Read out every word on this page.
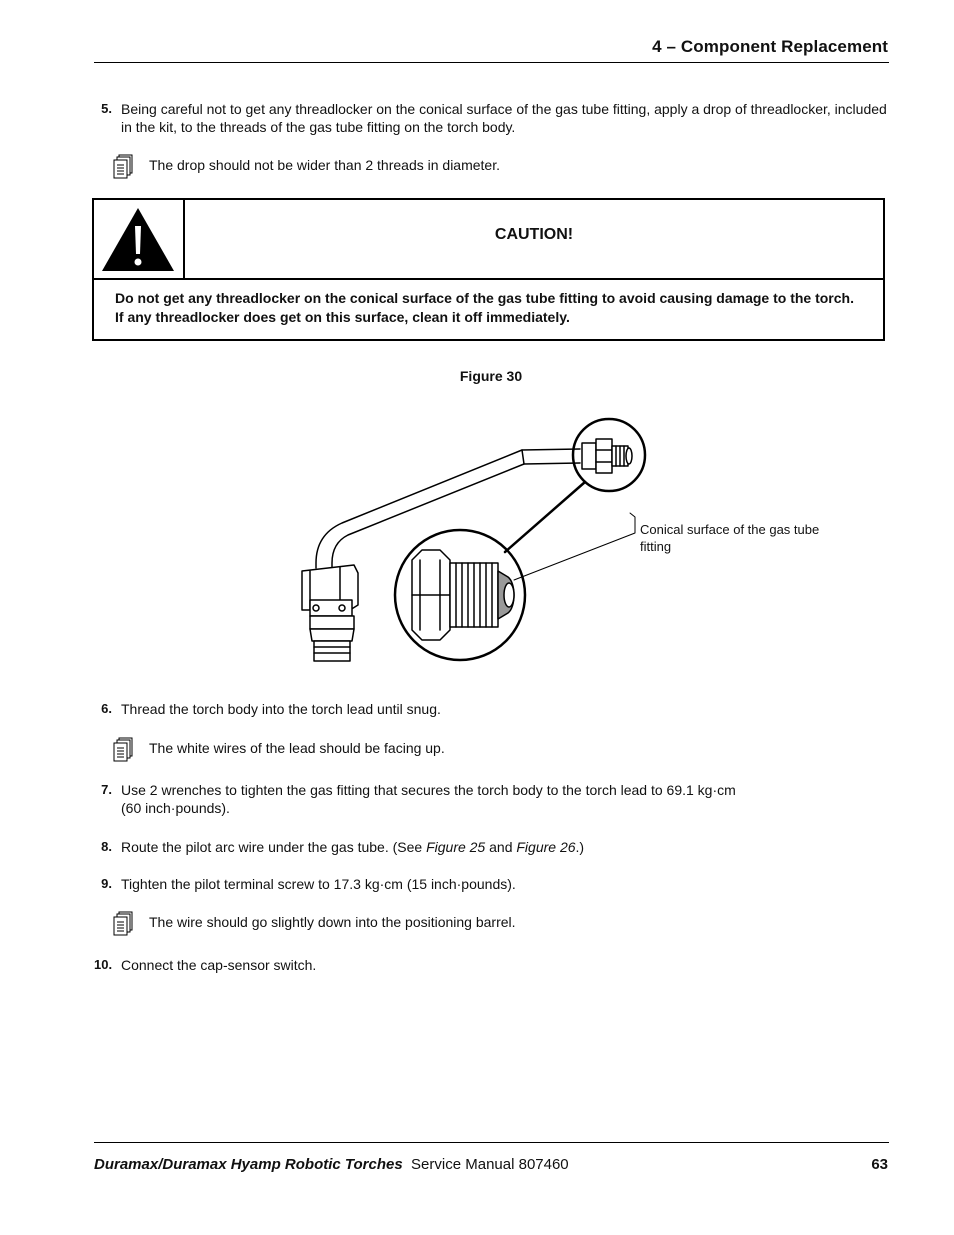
4 – Component Replacement
5. Being careful not to get any threadlocker on the conical surface of the gas tube fitting, apply a drop of threadlocker, included in the kit, to the threads of the gas tube fitting on the torch body.
The drop should not be wider than 2 threads in diameter.
CAUTION!
Do not get any threadlocker on the conical surface of the gas tube fitting to avoid causing damage to the torch. If any threadlocker does get on this surface, clean it off immediately.
Figure 30
Conical surface of the gas tube fitting
6. Thread the torch body into the torch lead until snug.
The white wires of the lead should be facing up.
7. Use 2 wrenches to tighten the gas fitting that secures the torch body to the torch lead to 69.1 kg·cm
(60 inch·pounds).
8. Route the pilot arc wire under the gas tube. (See Figure 25 and Figure 26.)
9. Tighten the pilot terminal screw to 17.3 kg·cm (15 inch·pounds).
The wire should go slightly down into the positioning barrel.
10. Connect the cap-sensor switch.
Duramax/Duramax Hyamp Robotic Torches Service Manual 807460	63
